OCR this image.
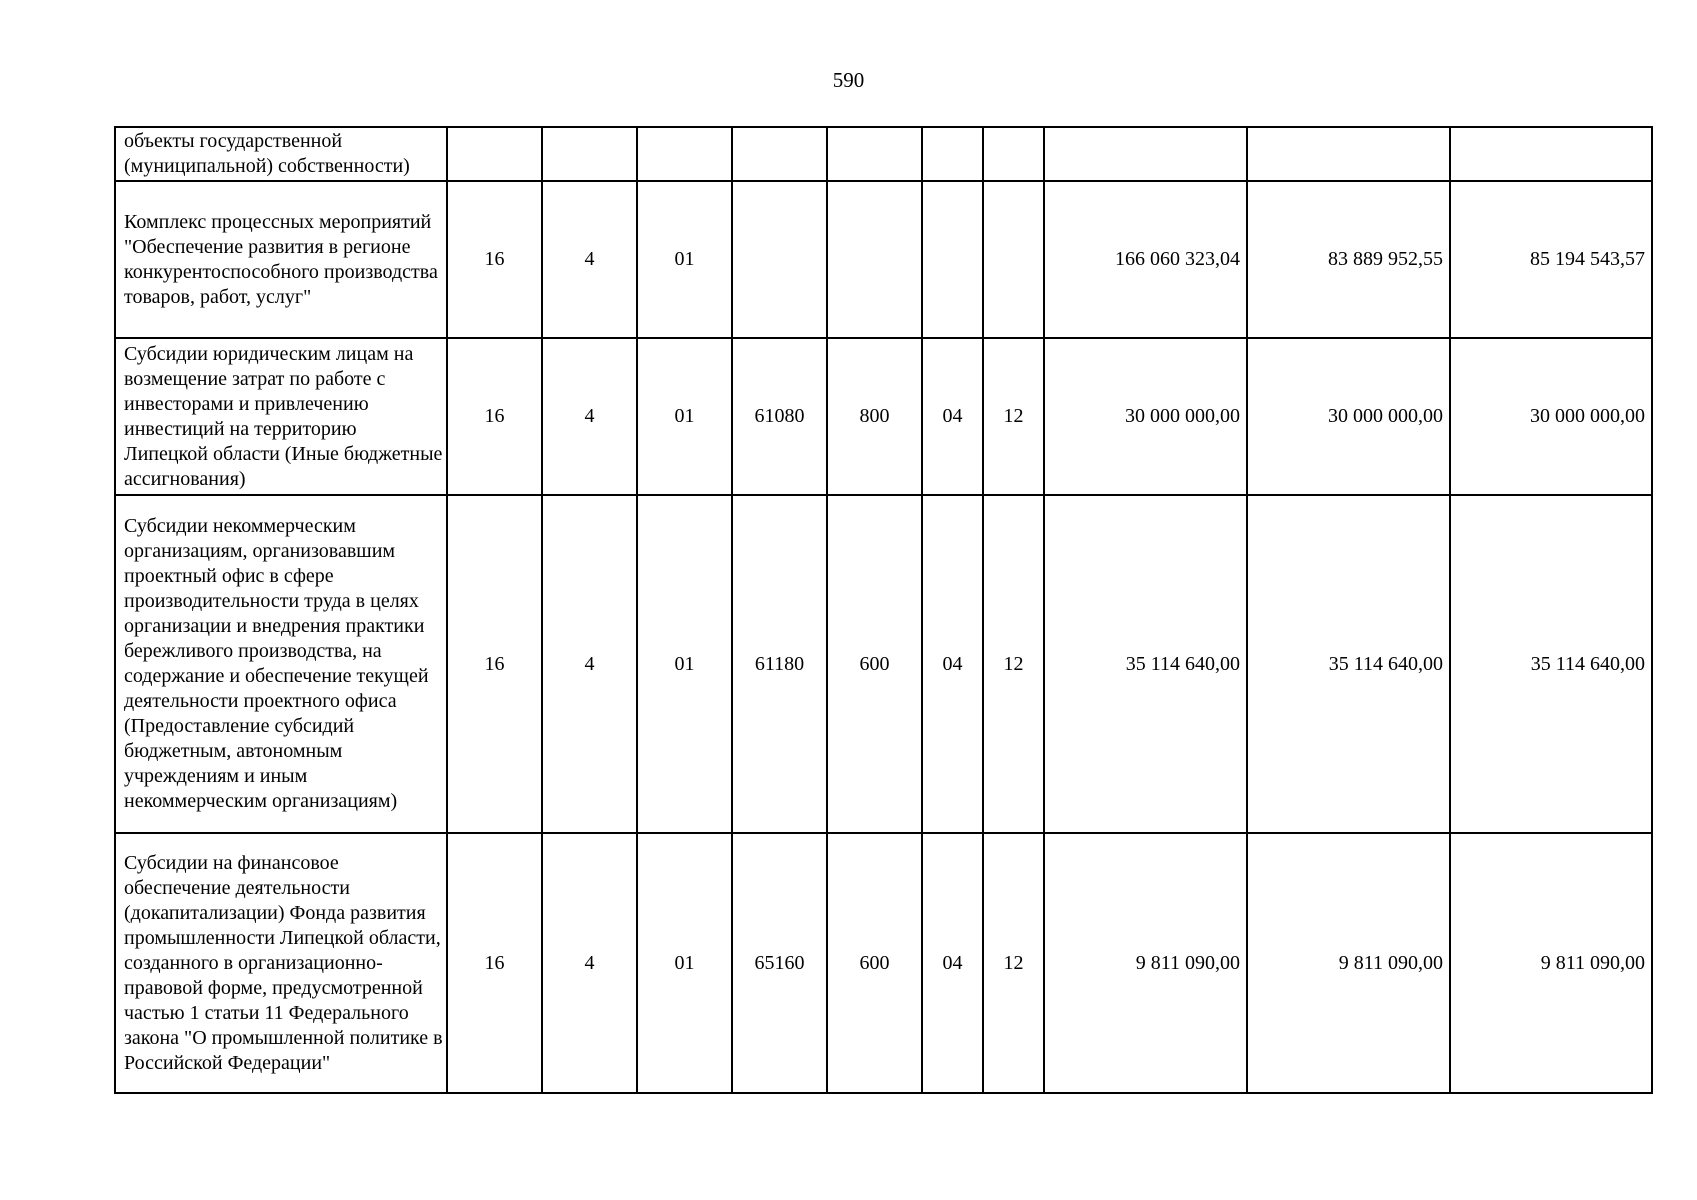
590
объекты государственной (муниципальной) собственности)										
Комплекс процессных мероприятий "Обеспечение развития в регионе конкурентоспособного производства товаров, работ, услуг"	16	4	01					166 060 323,04	83 889 952,55	85 194 543,57
Субсидии юридическим лицам на возмещение затрат по работе с инвесторами и привлечению инвестиций на территорию Липецкой области (Иные бюджетные ассигнования)	16	4	01	61080	800	04	12	30 000 000,00	30 000 000,00	30 000 000,00
Субсидии некоммерческим организациям, организовавшим проектный офис в сфере производительности труда в целях организации и внедрения практики бережливого производства, на содержание и обеспечение текущей деятельности проектного офиса (Предоставление субсидий бюджетным, автономным учреждениям и иным некоммерческим организациям)	16	4	01	61180	600	04	12	35 114 640,00	35 114 640,00	35 114 640,00
Субсидии на финансовое обеспечение деятельности (докапитализации) Фонда развития промышленности Липецкой области, созданного в организационно-правовой форме, предусмотренной частью 1 статьи 11 Федерального закона "О промышленной политике в Российской Федерации"	16	4	01	65160	600	04	12	9 811 090,00	9 811 090,00	9 811 090,00
